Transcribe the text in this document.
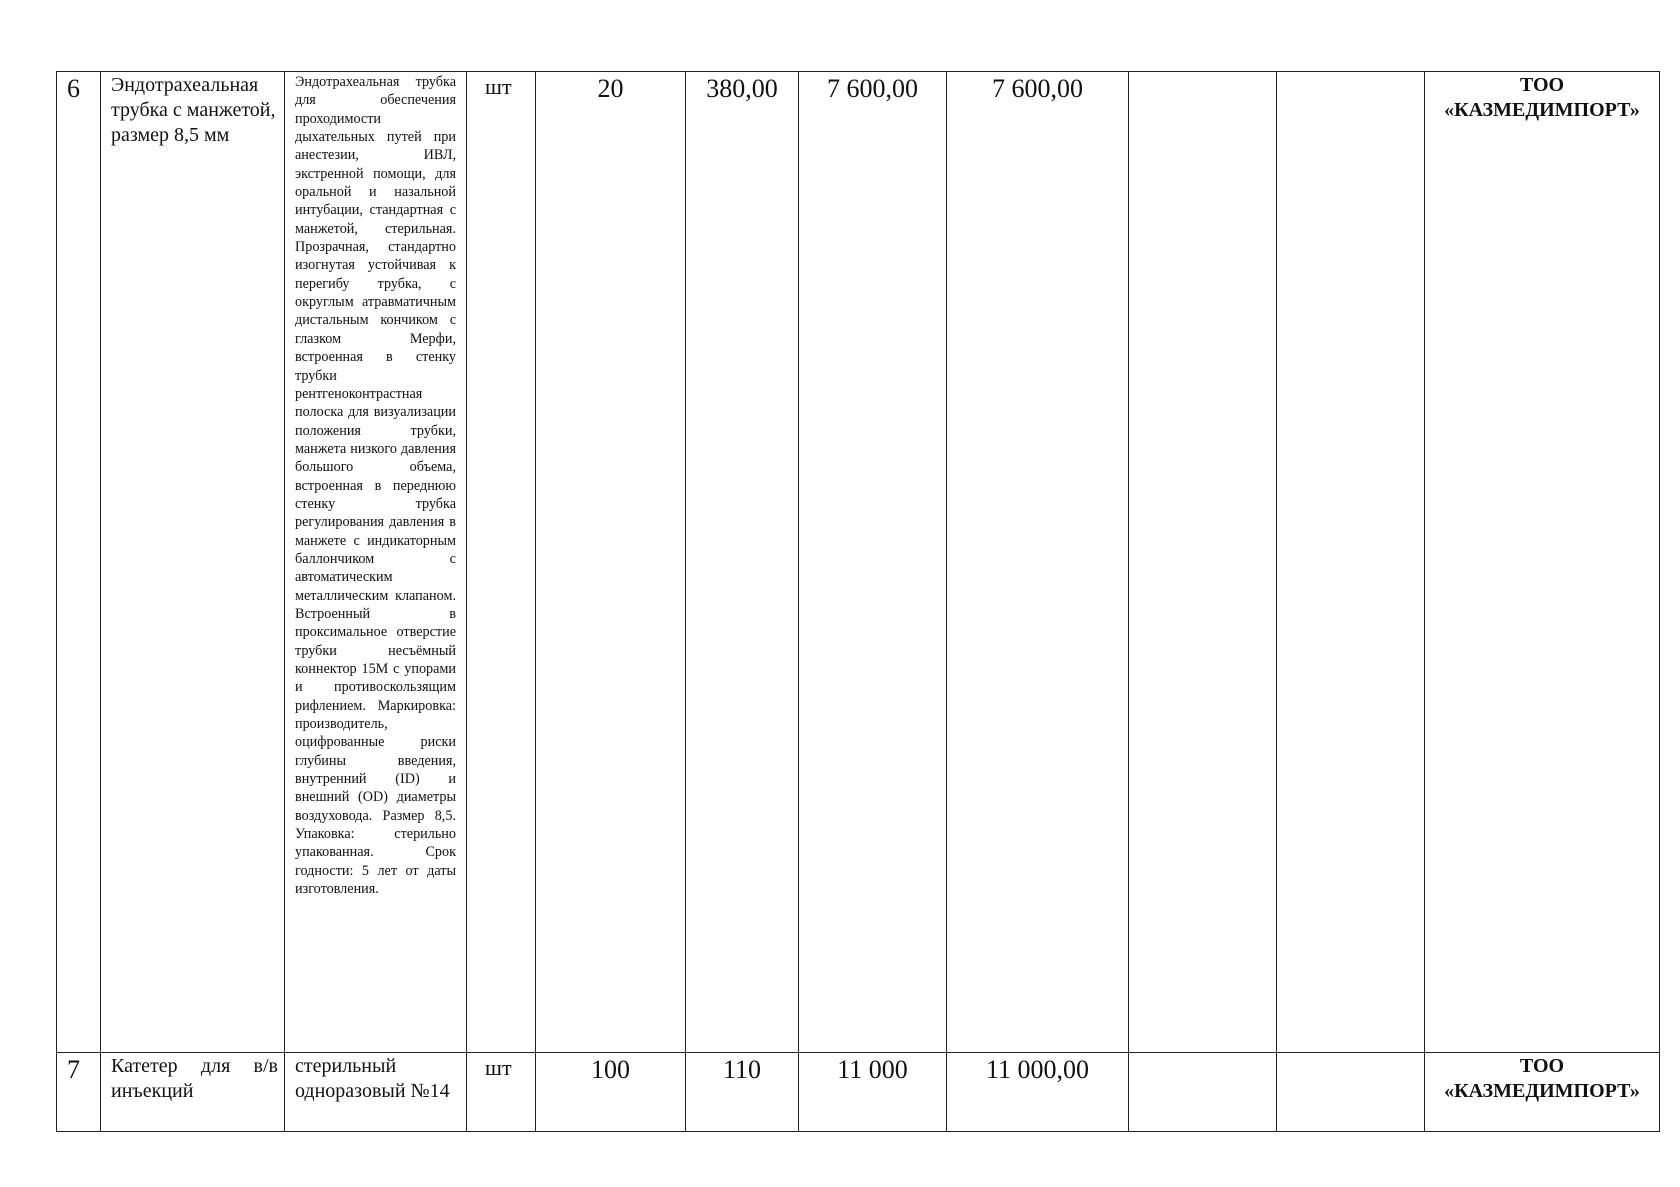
6	Эндотрахеальная трубка с манжетой, размер 8,5 мм	Эндотрахеальная трубка для обеспечения проходимости дыхательных путей при анестезии, ИВЛ, экстренной помощи, для оральной и назальной интубации, стандартная с манжетой, стерильная. Прозрачная, стандартно изогнутая устойчивая к перегибу трубка, с округлым атравматичным дистальным кончиком с глазком Мерфи, встроенная в стенку трубки рентгеноконтрастная полоска для визуализации положения трубки, манжета низкого давления большого объема, встроенная в переднюю стенку трубка регулирования давления в манжете с индикаторным баллончиком с автоматическим металлическим клапаном. Встроенный в проксимальное отверстие трубки несъёмный коннектор 15М с упорами и противоскользящим рифлением. Маркировка: производитель, оцифрованные риски глубины введения, внутренний (ID) и внешний (OD) диаметры воздуховода. Размер 8,5. Упаковка: стерильно упакованная. Срок годности: 5 лет от даты изготовления.	шт	20	380,00	7 600,00	7 600,00			ТОО
«КАЗМЕДИМПОРТ»

7	Катетер для в/в инъекций	стерильный одноразовый №14	шт	100	110	11 000	11 000,00			ТОО
«КАЗМЕДИМПОРТ»
